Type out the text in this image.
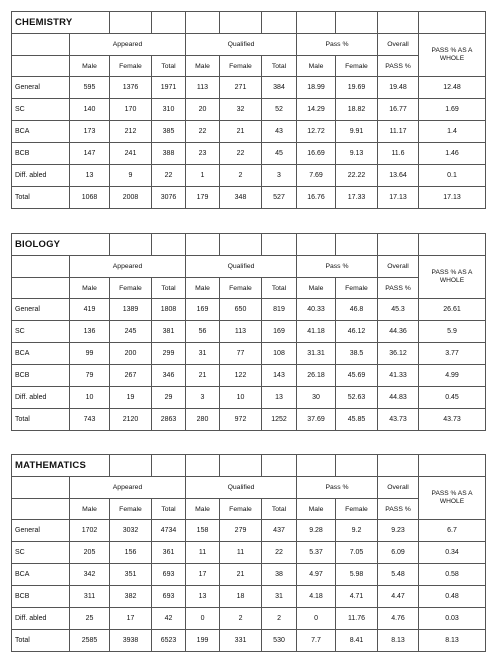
CHEMISTRY										
	Appeared			Qualified			Pass %		Overall	PASS % AS A WHOLE
	Male	Female	Total	Male	Female	Total	Male	Female	PASS %	
General	595	1376	1971	113	271	384	18.99	19.69	19.48	12.48
SC	140	170	310	20	32	52	14.29	18.82	16.77	1.69
BCA	173	212	385	22	21	43	12.72	9.91	11.17	1.4
BCB	147	241	388	23	22	45	16.69	9.13	11.6	1.46
Diff. abled	13	9	22	1	2	3	7.69	22.22	13.64	0.1
Total	1068	2008	3076	179	348	527	16.76	17.33	17.13	17.13
BIOLOGY										
	Appeared			Qualified			Pass %		Overall	PASS % AS A WHOLE
	Male	Female	Total	Male	Female	Total	Male	Female	PASS %	
General	419	1389	1808	169	650	819	40.33	46.8	45.3	26.61
SC	136	245	381	56	113	169	41.18	46.12	44.36	5.9
BCA	99	200	299	31	77	108	31.31	38.5	36.12	3.77
BCB	79	267	346	21	122	143	26.18	45.69	41.33	4.99
Diff. abled	10	19	29	3	10	13	30	52.63	44.83	0.45
Total	743	2120	2863	280	972	1252	37.69	45.85	43.73	43.73
MATHEMATICS										
	Appeared			Qualified			Pass %		Overall	PASS % AS A WHOLE
	Male	Female	Total	Male	Female	Total	Male	Female	PASS %	
General	1702	3032	4734	158	279	437	9.28	9.2	9.23	6.7
SC	205	156	361	11	11	22	5.37	7.05	6.09	0.34
BCA	342	351	693	17	21	38	4.97	5.98	5.48	0.58
BCB	311	382	693	13	18	31	4.18	4.71	4.47	0.48
Diff. abled	25	17	42	0	2	2	0	11.76	4.76	0.03
Total	2585	3938	6523	199	331	530	7.7	8.41	8.13	8.13
